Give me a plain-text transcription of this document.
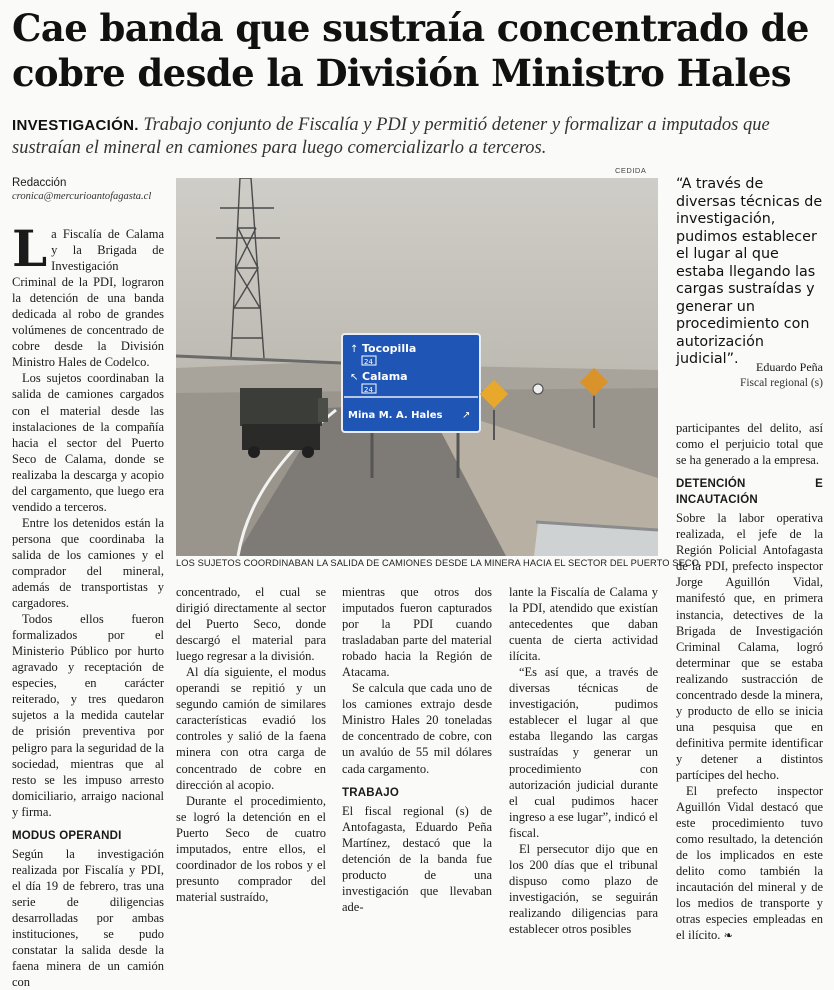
Cae banda que sustraía concentrado de cobre desde la División Ministro Hales
INVESTIGACIÓN. Trabajo conjunto de Fiscalía y PDI y permitió detener y formalizar a imputados que sustraían el mineral en camiones para luego comercializarlo a terceros.
Redacción
cronica@mercurioantofagasta.cl

La Fiscalía de Calama y la Brigada de Investigación Criminal de la PDI, lograron la detención de una banda dedicada al robo de grandes volúmenes de concentrado de cobre desde la División Ministro Hales de Codelco.

Los sujetos coordinaban la salida de camiones cargados con el material desde las instalaciones de la compañía hacia el sector del Puerto Seco de Calama, donde se realizaba la descarga y acopio del cargamento, que luego era vendido a terceros.

Entre los detenidos están la persona que coordinaba la salida de los camiones y el comprador del mineral, además de transportistas y cargadores.

Todos ellos fueron formalizados por el Ministerio Público por hurto agravado y receptación de especies, en carácter reiterado, y tres quedaron sujetos a la medida cautelar de prisión preventiva por peligro para la seguridad de la sociedad, mientras que al resto se les impuso arresto domiciliario, arraigo nacional y firma.

MODUS OPERANDI

Según la investigación realizada por Fiscalía y PDI, el día 19 de febrero, tras una serie de diligencias desarrolladas por ambas instituciones, se pudo constatar la salida desde la faena minera de un camión con

CEDIDA
↑ Tocopilla
24
↖ Calama
24
Mina M. A. Hales ↗
LOS SUJETOS COORDINABAN LA SALIDA DE CAMIONES DESDE LA MINERA HACIA EL SECTOR DEL PUERTO SECO.
“A través de diversas técnicas de investigación, pudimos establecer el lugar al que estaba llegando las cargas sustraídas y generar un procedimiento con autorización judicial”.	Eduardo Peña
Fiscal regional (s)

concentrado, el cual se dirigió directamente al sector del Puerto Seco, donde descargó el material para luego regresar a la división.

Al día siguiente, el modus operandi se repitió y un segundo camión de similares características evadió los controles y salió de la faena minera con otra carga de concentrado de cobre en dirección al acopio.

Durante el procedimiento, se logró la detención en el Puerto Seco de cuatro imputados, entre ellos, el coordinador de los robos y el presunto comprador del material sustraído,

mientras que otros dos imputados fueron capturados por la PDI cuando trasladaban parte del material robado hacia la Región de Atacama.

Se calcula que cada uno de los camiones extrajo desde Ministro Hales 20 toneladas de concentrado de cobre, con un avalúo de 55 mil dólares cada cargamento.

TRABAJO

El fiscal regional (s) de Antofagasta, Eduardo Peña Martínez, destacó que la detención de la banda fue producto de una investigación que llevaban ade-

lante la Fiscalía de Calama y la PDI, atendido que existían antecedentes que daban cuenta de cierta actividad ilícita.

“Es así que, a través de diversas técnicas de investigación, pudimos establecer el lugar al que estaba llegando las cargas sustraídas y generar un procedimiento con autorización judicial durante el cual pudimos hacer ingreso a ese lugar”, indicó el fiscal.

El persecutor dijo que en los 200 días que el tribunal dispuso como plazo de investigación, se seguirán realizando diligencias para establecer otros posibles

participantes del delito, así como el perjuicio total que se ha generado a la empresa.

DETENCIÓN E INCAUTACIÓN

Sobre la labor operativa realizada, el jefe de la Región Policial Antofagasta de la PDI, prefecto inspector Jorge Aguillón Vidal, manifestó que, en primera instancia, detectives de la Brigada de Investigación Criminal Calama, logró determinar que se estaba realizando sustracción de concentrado desde la minera, y producto de ello se inicia una pesquisa que en definitiva permite identificar y detener a distintos partícipes del hecho.

El prefecto inspector Aguillón Vidal destacó que este procedimiento tuvo como resultado, la detención de los implicados en este delito como también la incautación del mineral y de los medios de transporte y otras especies empleadas en el ilícito. ❧
